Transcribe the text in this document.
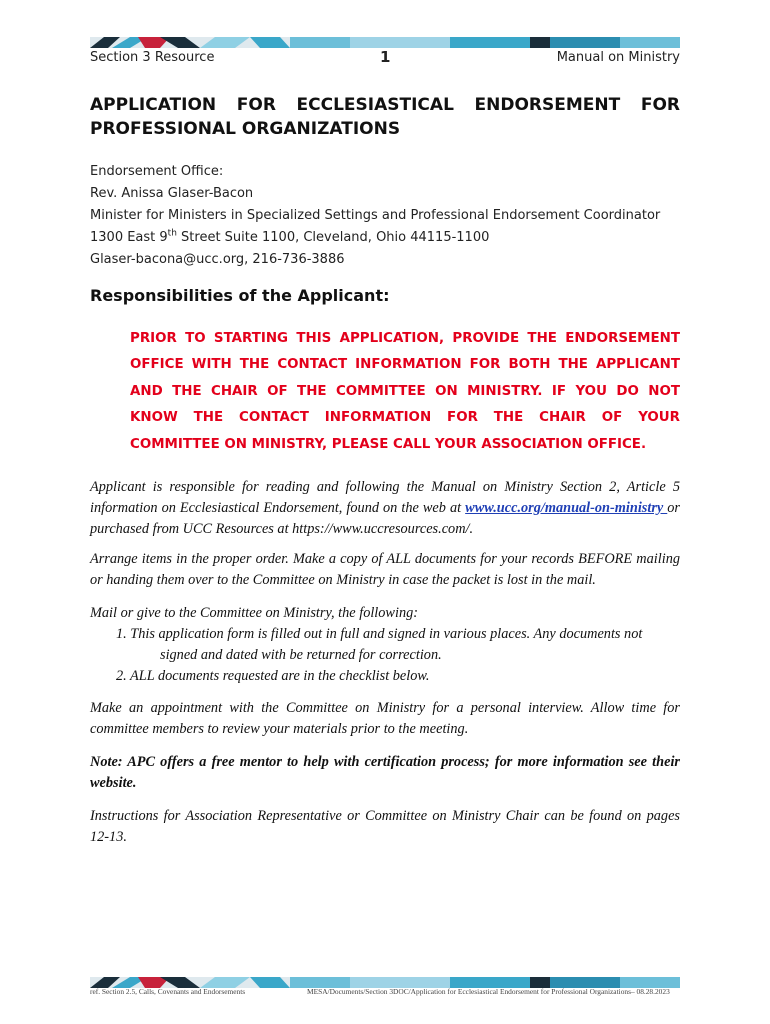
Section 3 Resource	1	Manual on Ministry
APPLICATION FOR ECCLESIASTICAL ENDORSEMENT FOR
PROFESSIONAL ORGANIZATIONS
Endorsement Office:
Rev. Anissa Glaser-Bacon
Minister for Ministers in Specialized Settings and Professional Endorsement Coordinator
1300 East 9th Street Suite 1100, Cleveland, Ohio 44115-1100
Glaser-bacona@ucc.org, 216-736-3886
Responsibilities of the Applicant:
PRIOR TO STARTING THIS APPLICATION, PROVIDE THE ENDORSEMENT OFFICE WITH THE CONTACT INFORMATION FOR BOTH THE APPLICANT AND THE CHAIR OF THE COMMITTEE ON MINISTRY. IF YOU DO NOT KNOW THE CONTACT INFORMATION FOR THE CHAIR OF YOUR COMMITTEE ON MINISTRY, PLEASE CALL YOUR ASSOCIATION OFFICE.
Applicant is responsible for reading and following the Manual on Ministry Section 2, Article 5 information on Ecclesiastical Endorsement, found on the web at www.ucc.org/manual-on-ministry or purchased from UCC Resources at https://www.uccresources.com/.
Arrange items in the proper order. Make a copy of ALL documents for your records BEFORE mailing or handing them over to the Committee on Ministry in case the packet is lost in the mail.
Mail or give to the Committee on Ministry, the following:
1. This application form is filled out in full and signed in various places. Any documents not
signed and dated with be returned for correction.
2. ALL documents requested are in the checklist below.
Make an appointment with the Committee on Ministry for a personal interview. Allow time for committee members to review your materials prior to the meeting.
Note: APC offers a free mentor to help with certification process; for more information see their website.
Instructions for Association Representative or Committee on Ministry Chair can be found on pages 12-13.
ref. Section 2.5, Calls, Covenants and Endorsements	MESA/Documents/Section 3DOC/Application for Ecclesiastical Endorsement for Professional Organizations– 08.28.2023
